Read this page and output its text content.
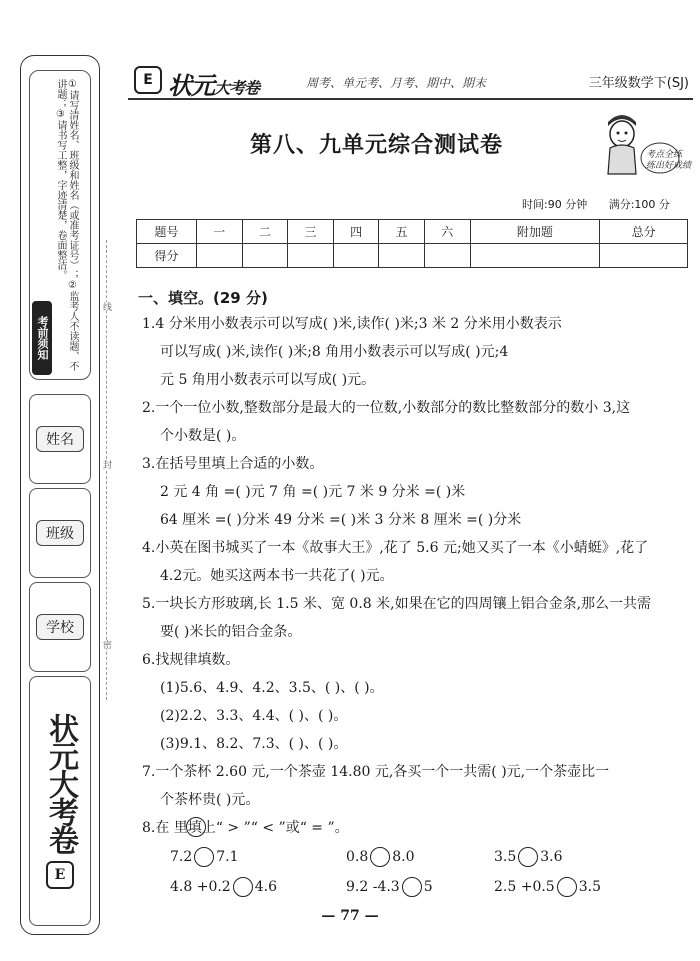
考前须知	①请写清姓名、班级和姓名（或准考证号）；②监考人不读题、不讲题；③请书写工整，字迹清楚，卷面整洁。
姓名
班级
学校
状元大考卷
E
线
封
密
E 状元大考卷	周考、单元考、月考、期中、期末	三年级数学下(SJ)
第八、九单元综合测试卷	考点全练
练出好成绩
时间:90 分钟 满分:100 分
题号	一	二	三	四	五	六	附加题	总分
得分								
一、填空。(29 分)
1.4 分米用小数表示可以写成( )米,读作( )米;3 米 2 分米用小数表示
可以写成( )米,读作( )米;8 角用小数表示可以写成( )元;4
元 5 角用小数表示可以写成( )元。
2.一个一位小数,整数部分是最大的一位数,小数部分的数比整数部分的数小 3,这
个小数是( )。
3.在括号里填上合适的小数。
2 元 4 角 =( )元 7 角 =( )元 7 米 9 分米 =( )米
64 厘米 =( )分米 49 分米 =( )米 3 分米 8 厘米 =( )分米
4.小英在图书城买了一本《故事大王》,花了 5.6 元;她又买了一本《小蜻蜓》,花了
4.2元。她买这两本书一共花了( )元。
5.一块长方形玻璃,长 1.5 米、宽 0.8 米,如果在它的四周镶上铝合金条,那么一共需
要( )米长的铝合金条。
6.找规律填数。
(1)5.6、4.9、4.2、3.5、( )、( )。
(2)2.2、3.3、4.4、( )、( )。
(3)9.1、8.2、7.3、( )、( )。
7.一个茶杯 2.60 元,一个茶壶 14.80 元,各买一个一共需( )元,一个茶壶比一
个茶杯贵( )元。
8.在 里填上“ > ”“ < ”或“ = ”。
7.2 7.1	0.8 8.0	3.5 3.6
4.8 +0.2 4.6	9.2 -4.3 5	2.5 +0.5 3.5
— 77 —
